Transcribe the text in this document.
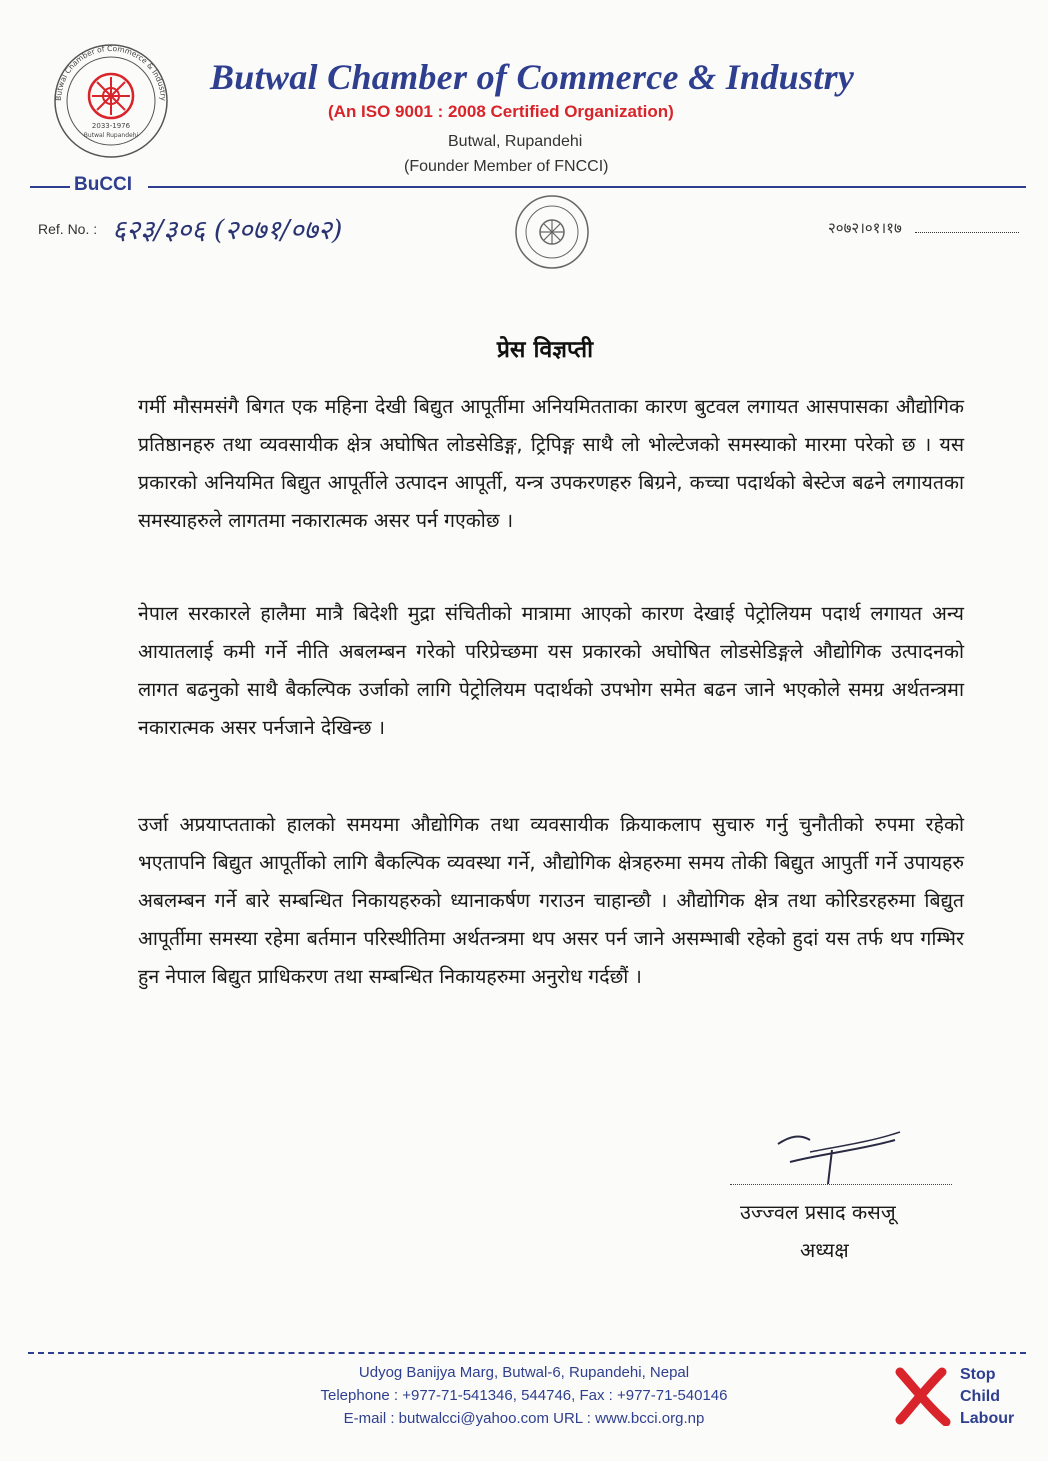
2033-1976
Butwal Rupandehi
Butwal Chamber of Commerce & Industry
Butwal Chamber of Commerce & Industry
(An ISO 9001 : 2008 Certified Organization)
Butwal, Rupandehi
(Founder Member of FNCCI)
BuCCI
Ref. No. : ६२३/३०६ (२०७१/०७२)	२०७२।०१।१७
प्रेस विज्ञप्ती
गर्मी मौसमसंगै बिगत एक महिना देखी बिद्युत आपूर्तीमा अनियमितताका कारण बुटवल लगायत आसपासका औद्योगिक प्रतिष्ठानहरु तथा व्यवसायीक क्षेत्र अघोषित लोडसेडिङ्ग, ट्रिपिङ्ग साथै लो भोल्टेजको समस्याको मारमा परेको छ । यस प्रकारको अनियमित बिद्युत आपूर्तीले उत्पादन आपूर्ती, यन्त्र उपकरणहरु बिग्रने, कच्चा पदार्थको बेस्टेज बढने लगायतका समस्याहरुले लागतमा नकारात्मक असर पर्न गएकोछ ।
नेपाल सरकारले हालैमा मात्रै बिदेशी मुद्रा संचितीको मात्रामा आएको कारण देखाई पेट्रोलियम पदार्थ लगायत अन्य आयातलाई कमी गर्ने नीति अबलम्बन गरेको परिप्रेच्छमा यस प्रकारको अघोषित लोडसेडिङ्गले औद्योगिक उत्पादनको लागत बढनुको साथै बैकल्पिक उर्जाको लागि पेट्रोलियम पदार्थको उपभोग समेत बढन जाने भएकोले समग्र अर्थतन्त्रमा नकारात्मक असर पर्नजाने देखिन्छ ।
उर्जा अप्रयाप्तताको हालको समयमा औद्योगिक तथा व्यवसायीक क्रियाकलाप सुचारु गर्नु चुनौतीको रुपमा रहेको भएतापनि बिद्युत आपूर्तीको लागि बैकल्पिक व्यवस्था गर्ने, औद्योगिक क्षेत्रहरुमा समय तोकी बिद्युत आपुर्ती गर्ने उपायहरु अबलम्बन गर्ने बारे सम्बन्धित निकायहरुको ध्यानाकर्षण गराउन चाहान्छौ । औद्योगिक क्षेत्र तथा कोरिडरहरुमा बिद्युत आपूर्तीमा समस्या रहेमा बर्तमान परिस्थीतिमा अर्थतन्त्रमा थप असर पर्न जाने असम्भाबी रहेको हुदां यस तर्फ थप गम्भिर हुन नेपाल बिद्युत प्राधिकरण तथा सम्बन्धित निकायहरुमा अनुरोध गर्दछौं ।
उज्ज्वल प्रसाद कसजू
अध्यक्ष
Udyog Banijya Marg, Butwal-6, Rupandehi, Nepal
Telephone : +977-71-541346, 544746, Fax : +977-71-540146
E-mail : butwalcci@yahoo.com URL : www.bcci.org.np
Stop
Child
Labour
